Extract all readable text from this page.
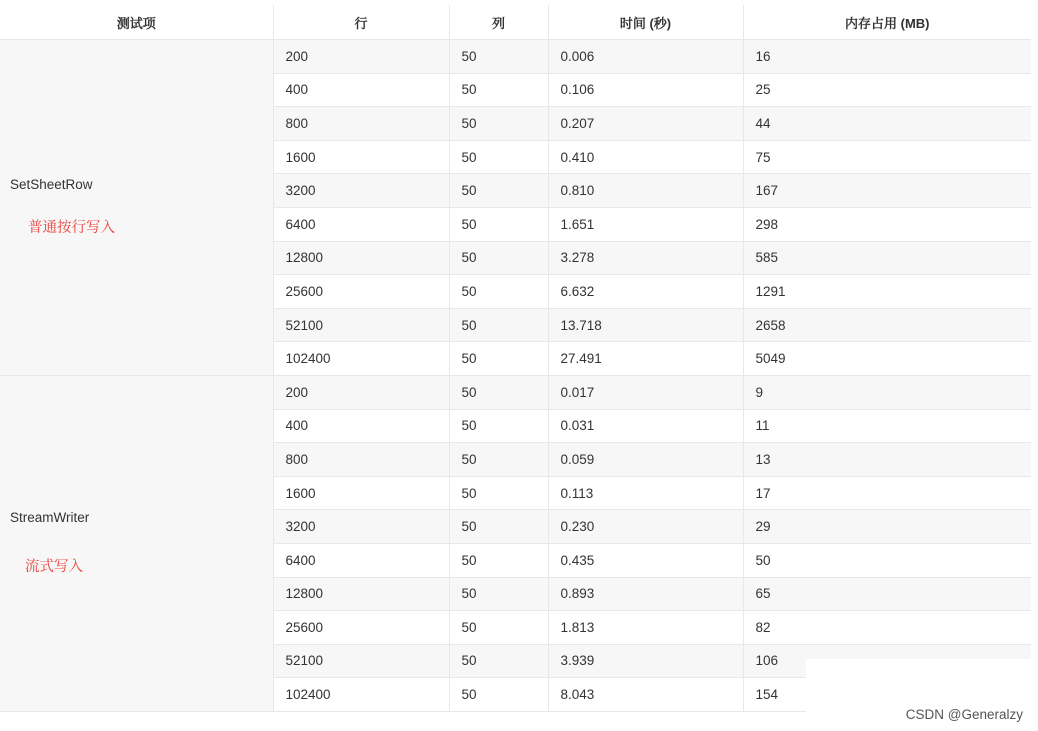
测试项	行	列	时间 (秒)	内存占用 (MB)

SetSheetRow
普通按行写入	200	50	0.006	16
	400	50	0.106	25
	800	50	0.207	44
	1600	50	0.410	75
	3200	50	0.810	167
	6400	50	1.651	298
	12800	50	3.278	585
	25600	50	6.632	1291
	52100	50	13.718	2658
	102400	50	27.491	5049

StreamWriter
流式写入	200	50	0.017	9
	400	50	0.031	11
	800	50	0.059	13
	1600	50	0.113	17
	3200	50	0.230	29
	6400	50	0.435	50
	12800	50	0.893	65
	25600	50	1.813	82
	52100	50	3.939	106
	102400	50	8.043	154
CSDN @Generalzy
